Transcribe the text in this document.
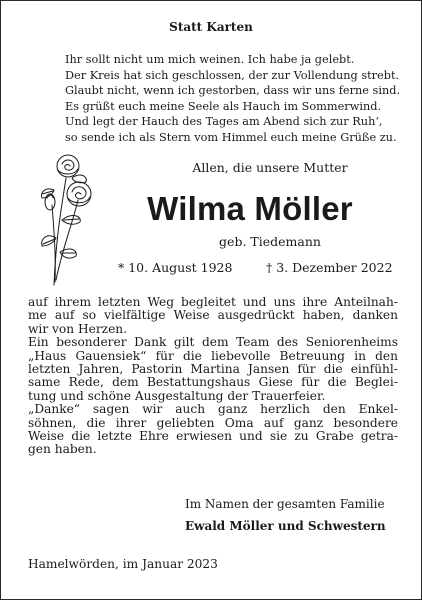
Statt Karten
Ihr sollt nicht um mich weinen. Ich habe ja gelebt.
Der Kreis hat sich geschlossen, der zur Vollendung strebt.
Glaubt nicht, wenn ich gestorben, dass wir uns ferne sind.
Es grüßt euch meine Seele als Hauch im Sommerwind.
Und legt der Hauch des Tages am Abend sich zur Ruh‘,
so sende ich als Stern vom Himmel euch meine Grüße zu.
Allen, die unsere Mutter
Wilma Möller
geb. Tiedemann
* 10. August 1928	† 3. Dezember 2022
auf ihrem letzten Weg begleitet und uns ihre Anteilnah-
me auf so vielfältige Weise ausgedrückt haben, danken
wir von Herzen.
Ein besonderer Dank gilt dem Team des Seniorenheims
„Haus Gauensiek“ für die liebevolle Betreuung in den
letzten Jahren, Pastorin Martina Jansen für die einfühl-
same Rede, dem Bestattungshaus Giese für die Beglei-
tung und schöne Ausgestaltung der Trauerfeier.
„Danke“ sagen wir auch ganz herzlich den Enkel-
söhnen, die ihrer geliebten Oma auf ganz besondere
Weise die letzte Ehre erwiesen und sie zu Grabe getra-
gen haben.
Im Namen der gesamten Familie
Ewald Möller und Schwestern
Hamelwörden, im Januar 2023
